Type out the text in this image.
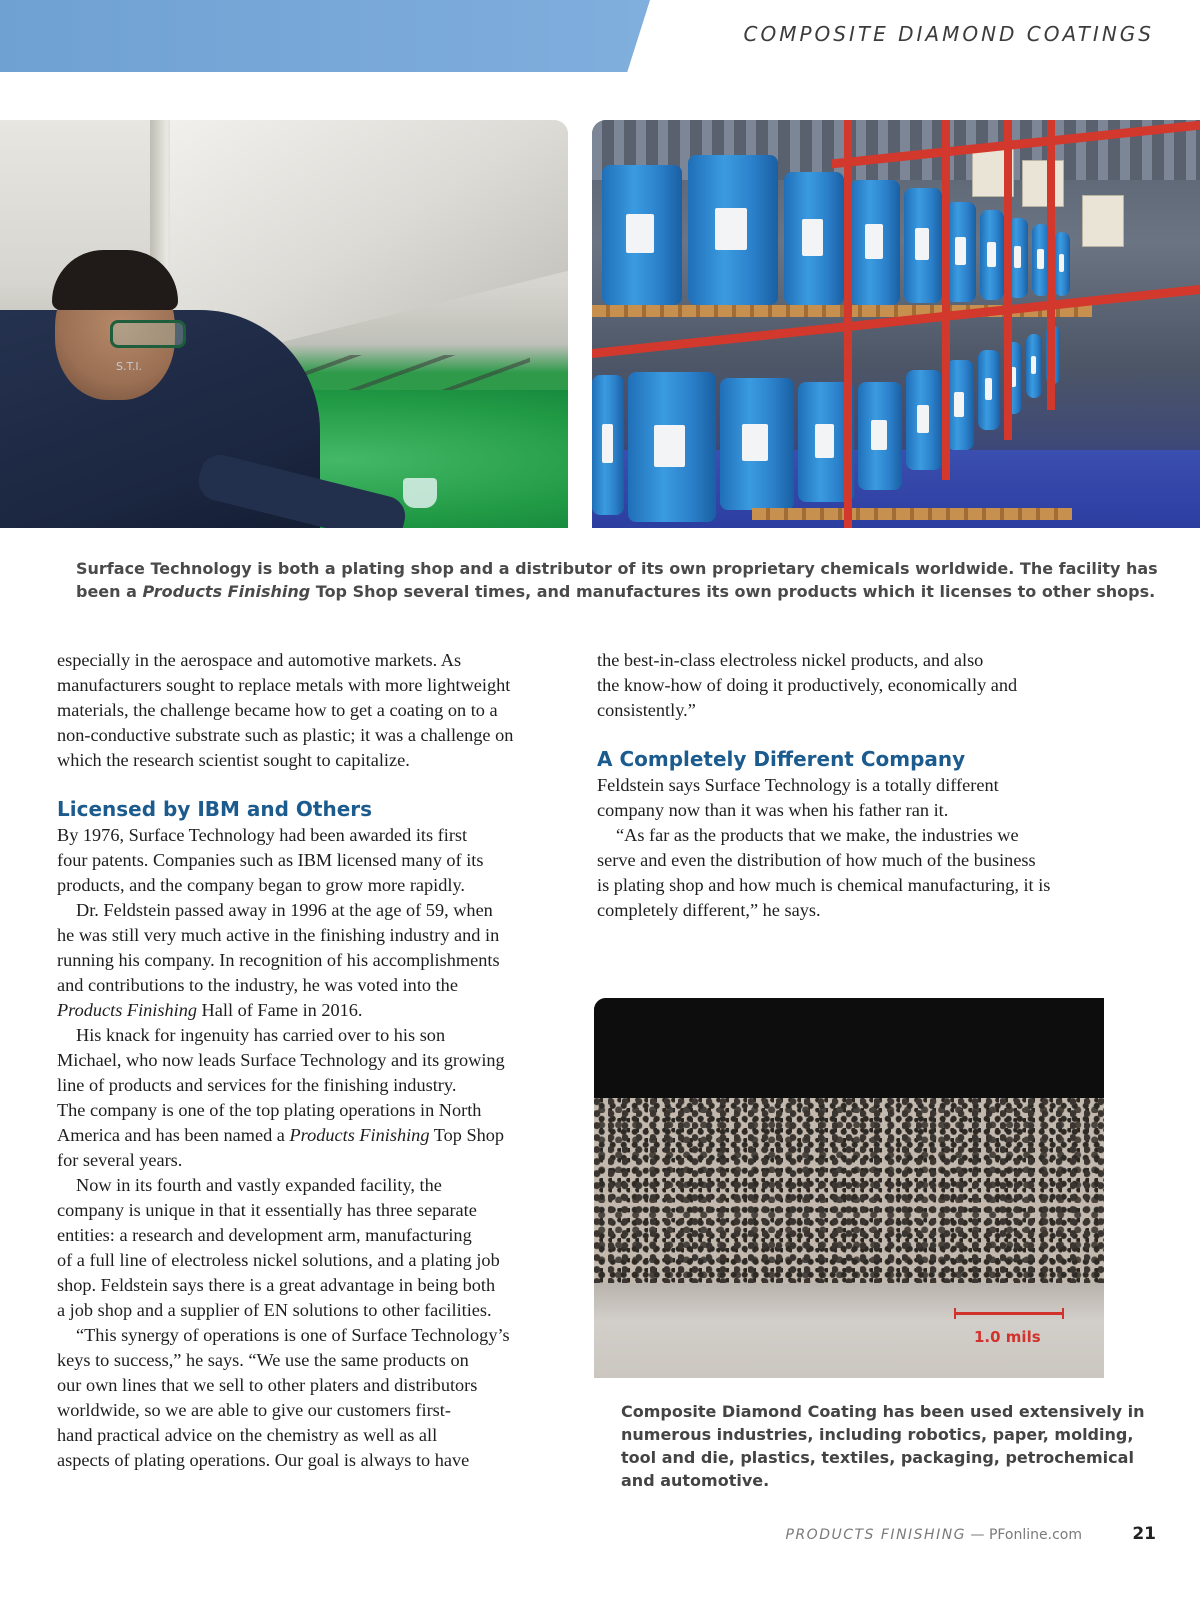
COMPOSITE DIAMOND COATINGS
S.T.I.
Surface Technology is both a plating shop and a distributor of its own proprietary chemicals worldwide. The facility has
been a Products Finishing Top Shop several times, and manufactures its own products which it licenses to other shops.

especially in the aerospace and automotive markets. As
manufacturers sought to replace metals with more lightweight
materials, the challenge became how to get a coating on to a
non-conductive substrate such as plastic; it was a challenge on
which the research scientist sought to capitalize.

Licensed by IBM and Others

By 1976, Surface Technology had been awarded its first
four patents. Companies such as IBM licensed many of its
products, and the company began to grow more rapidly.

Dr. Feldstein passed away in 1996 at the age of 59, when
he was still very much active in the finishing industry and in
running his company. In recognition of his accomplishments
and contributions to the industry, he was voted into the
Products Finishing Hall of Fame in 2016.

His knack for ingenuity has carried over to his son
Michael, who now leads Surface Technology and its growing
line of products and services for the finishing industry.
The company is one of the top plating operations in North
America and has been named a Products Finishing Top Shop
for several years.

Now in its fourth and vastly expanded facility, the
company is unique in that it essentially has three separate
entities: a research and development arm, manufacturing
of a full line of electroless nickel solutions, and a plating job
shop. Feldstein says there is a great advantage in being both
a job shop and a supplier of EN solutions to other facilities.

“This synergy of operations is one of Surface Technology’s
keys to success,” he says. “We use the same products on
our own lines that we sell to other platers and distributors
worldwide, so we are able to give our customers first-
hand practical advice on the chemistry as well as all
aspects of plating operations. Our goal is always to have

the best-in-class electroless nickel products, and also
the know-how of doing it productively, economically and
consistently.”

A Completely Different Company

Feldstein says Surface Technology is a totally different
company now than it was when his father ran it.

“As far as the products that we make, the industries we
serve and even the distribution of how much of the business
is plating shop and how much is chemical manufacturing, it is
completely different,” he says.

1.0 mils
Composite Diamond Coating has been used extensively in
numerous industries, including robotics, paper, molding,
tool and die, plastics, textiles, packaging, petrochemical
and automotive.
PRODUCTS FINISHING — PFonline.com	21
